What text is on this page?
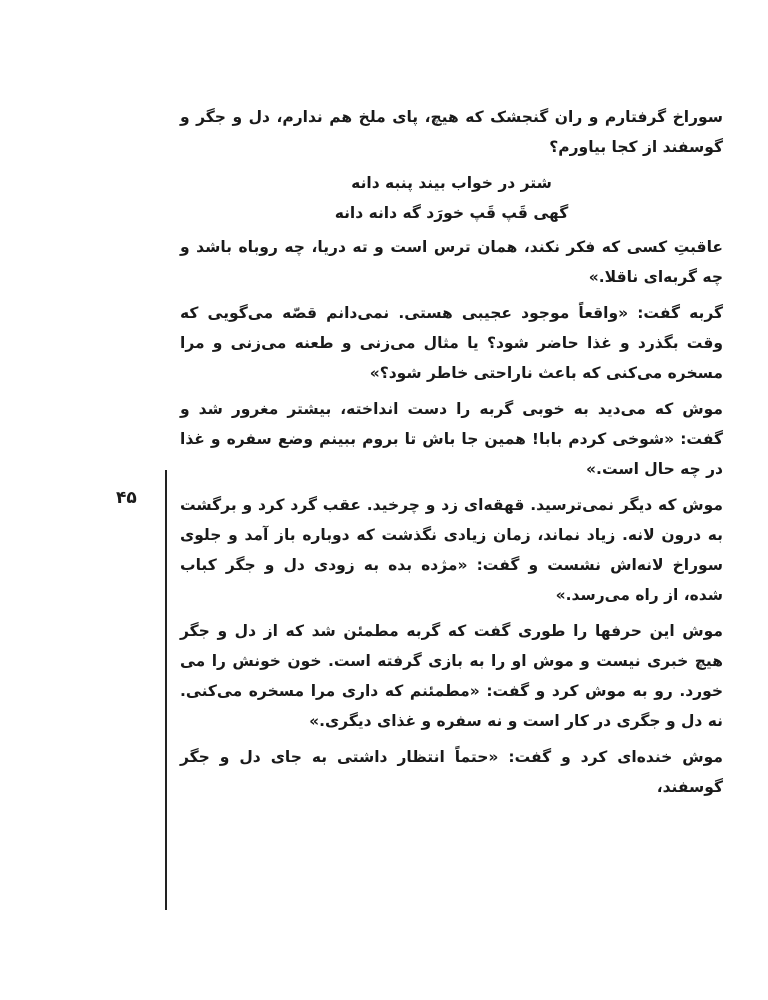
۴۵

سوراخ گرفتارم و ران گنجشک که هیچ، پای ملخ هم ندارم، دل و جگر و گوسفند از کجا بیاورم؟

شتر در خواب بیند پنبه دانه
گهی قَپ قَپ خورَد گه دانه دانه

عاقبتِ کسی که فکر نکند، همان ترس است و ته دریا، چه روباه باشد و چه گربه‌ای ناقلا.»

گربه گفت: «واقعاً موجود عجیبی هستی. نمی‌دانم قصّه می‌گویی که وقت بگذرد و غذا حاضر شود؟ یا مثال می‌زنی و طعنه می‌زنی و مرا مسخره می‌کنی که باعث ناراحتی خاطر شود؟»

موش که می‌دید به خوبی گربه را دست انداخته، بیشتر مغرور شد و گفت: «شوخی کردم بابا! همین جا باش تا بروم ببینم وضع سفره و غذا در چه حال است.»

موش که دیگر نمی‌ترسید. قهقه‌ای زد و چرخید. عقب گرد کرد و برگشت به درون لانه. زیاد نماند، زمان زیادی نگذشت که دوباره باز آمد و جلوی سوراخ لانه‌اش نشست و گفت: «مژده بده به زودی دل و جگر کباب شده، از راه می‌رسد.»

موش این حرفها را طوری گفت که گربه مطمئن شد که از دل و جگر هیچ خبری نیست و موش او را به بازی گرفته است. خون خونش را می خورد. رو به موش کرد و گفت: «مطمئنم که داری مرا مسخره می‌کنی. نه دل و جگری در کار است و نه سفره و غذای دیگری.»

موش خنده‌ای کرد و گفت: «حتماً انتظار داشتی به جای دل و جگر گوسفند،
